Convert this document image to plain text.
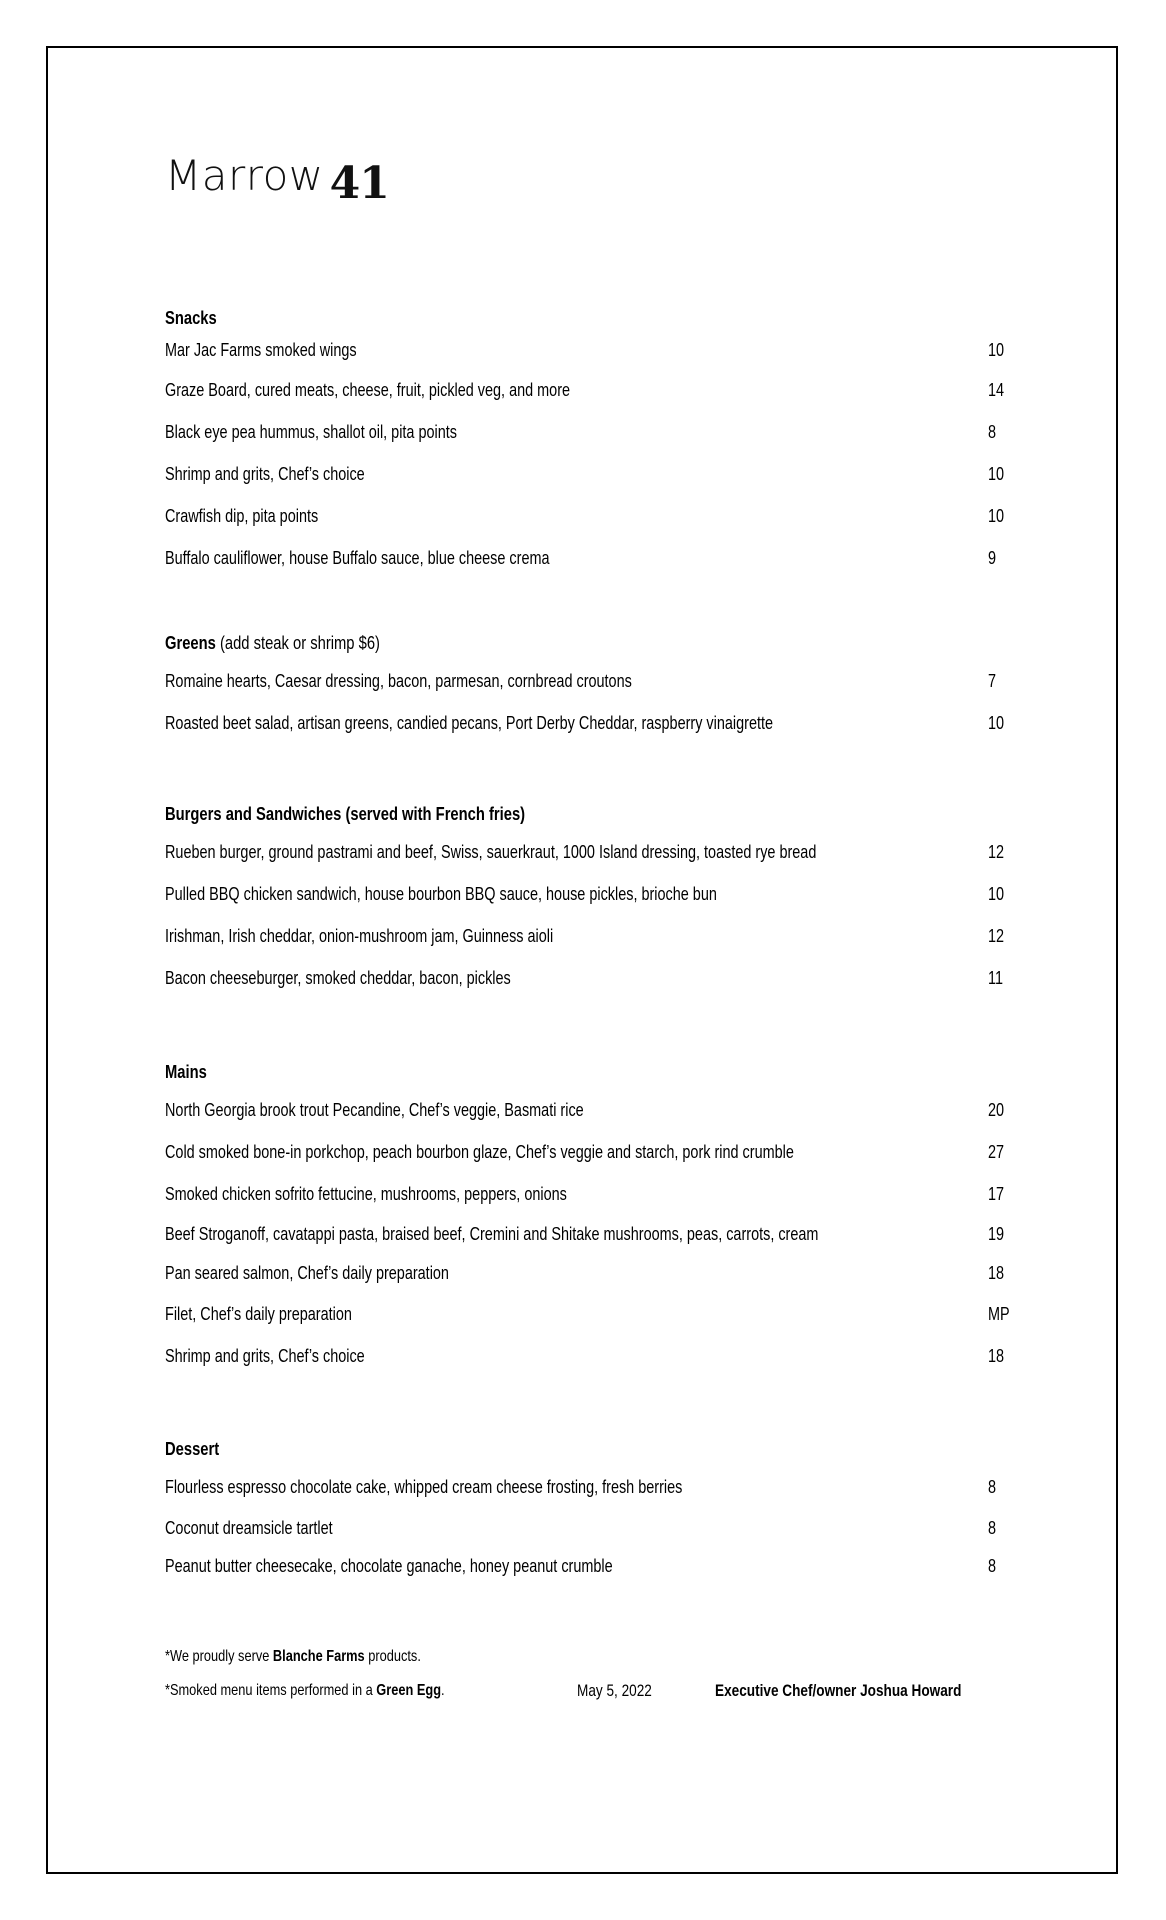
Marrow 41
Snacks
Mar Jac Farms smoked wings	10
Graze Board, cured meats, cheese, fruit, pickled veg, and more	14
Black eye pea hummus, shallot oil, pita points	8
Shrimp and grits, Chef’s choice	10
Crawfish dip, pita points	10
Buffalo cauliflower, house Buffalo sauce, blue cheese crema	9
Greens (add steak or shrimp $6)
Romaine hearts, Caesar dressing, bacon, parmesan, cornbread croutons	7
Roasted beet salad, artisan greens, candied pecans, Port Derby Cheddar, raspberry vinaigrette	10
Burgers and Sandwiches (served with French fries)
Rueben burger, ground pastrami and beef, Swiss, sauerkraut, 1000 Island dressing, toasted rye bread	12
Pulled BBQ chicken sandwich, house bourbon BBQ sauce, house pickles, brioche bun	10
Irishman, Irish cheddar, onion-mushroom jam, Guinness aioli	12
Bacon cheeseburger, smoked cheddar, bacon, pickles	11
Mains
North Georgia brook trout Pecandine, Chef’s veggie, Basmati rice	20
Cold smoked bone-in porkchop, peach bourbon glaze, Chef’s veggie and starch, pork rind crumble	27
Smoked chicken sofrito fettucine, mushrooms, peppers, onions	17
Beef Stroganoff, cavatappi pasta, braised beef, Cremini and Shitake mushrooms, peas, carrots, cream	19
Pan seared salmon, Chef’s daily preparation	18
Filet, Chef’s daily preparation	MP
Shrimp and grits, Chef’s choice	18
Dessert
Flourless espresso chocolate cake, whipped cream cheese frosting, fresh berries	8
Coconut dreamsicle tartlet	8
Peanut butter cheesecake, chocolate ganache, honey peanut crumble	8
*We proudly serve Blanche Farms products.
*Smoked menu items performed in a Green Egg.	May 5, 2022	Executive Chef/owner Joshua Howard
